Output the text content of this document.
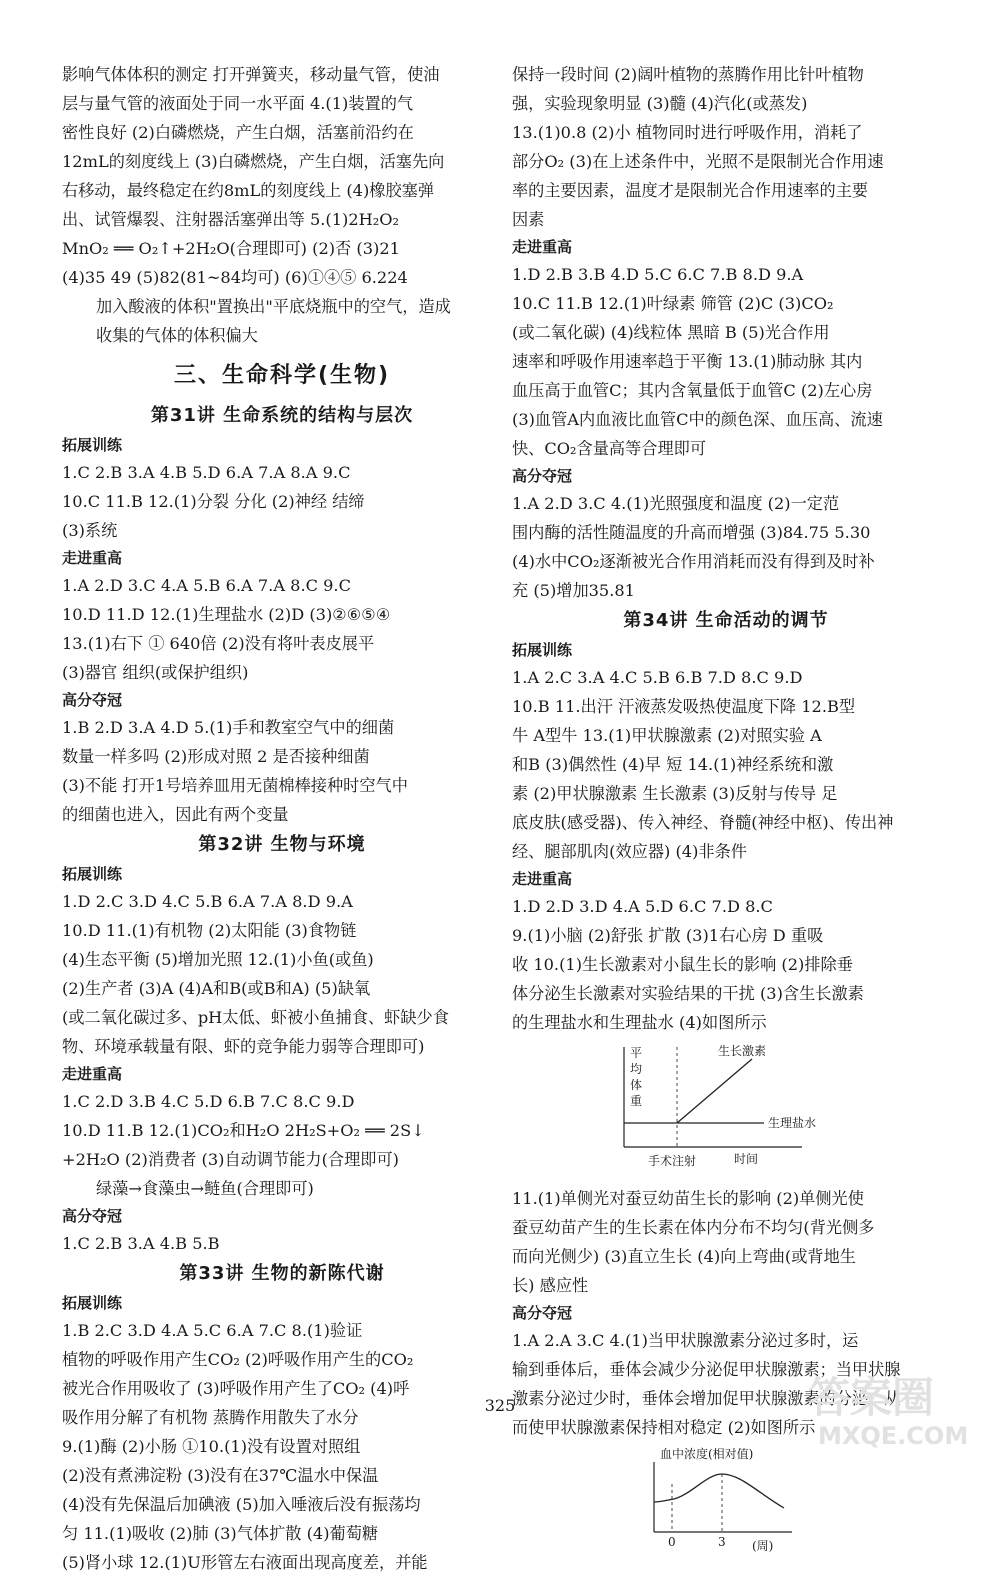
影响气体体积的测定 打开弹簧夹，移动量气管，使油
层与量气管的液面处于同一水平面 4.(1)装置的气
密性良好 (2)白磷燃烧，产生白烟，活塞前沿约在
12mL的刻度线上 (3)白磷燃烧，产生白烟，活塞先向
右移动，最终稳定在约8mL的刻度线上 (4)橡胶塞弹
出、试管爆裂、注射器活塞弹出等 5.(1)2H₂O₂
MnO₂ ══ O₂↑+2H₂O(合理即可) (2)否 (3)21
(4)35 49 (5)82(81~84均可) (6)①④⑤ 6.224
加入酸液的体积"置换出"平底烧瓶中的空气，造成
收集的气体的体积偏大
三、生命科学(生物)
第31讲 生命系统的结构与层次
拓展训练
1.C 2.B 3.A 4.B 5.D 6.A 7.A 8.A 9.C
10.C 11.B 12.(1)分裂 分化 (2)神经 结缔
(3)系统
走进重高
1.A 2.D 3.C 4.A 5.B 6.A 7.A 8.C 9.C
10.D 11.D 12.(1)生理盐水 (2)D (3)②⑥⑤④
13.(1)右下 ① 640倍 (2)没有将叶表皮展平
(3)器官 组织(或保护组织)
高分夺冠
1.B 2.D 3.A 4.D 5.(1)手和教室空气中的细菌
数量一样多吗 (2)形成对照 2 是否接种细菌
(3)不能 打开1号培养皿用无菌棉棒接种时空气中
的细菌也进入，因此有两个变量
第32讲 生物与环境
拓展训练
1.D 2.C 3.D 4.C 5.B 6.A 7.A 8.D 9.A
10.D 11.(1)有机物 (2)太阳能 (3)食物链
(4)生态平衡 (5)增加光照 12.(1)小鱼(或鱼)
(2)生产者 (3)A (4)A和B(或B和A) (5)缺氧
(或二氧化碳过多、pH太低、虾被小鱼捕食、虾缺少食
物、环境承载量有限、虾的竞争能力弱等合理即可)
走进重高
1.C 2.D 3.B 4.C 5.D 6.B 7.C 8.C 9.D
10.D 11.B 12.(1)CO₂和H₂O 2H₂S+O₂ ══ 2S↓
+2H₂O (2)消费者 (3)自动调节能力(合理即可)
绿藻→食藻虫→鲢鱼(合理即可)
高分夺冠
1.C 2.B 3.A 4.B 5.B
第33讲 生物的新陈代谢
拓展训练
1.B 2.C 3.D 4.A 5.C 6.A 7.C 8.(1)验证
植物的呼吸作用产生CO₂ (2)呼吸作用产生的CO₂
被光合作用吸收了 (3)呼吸作用产生了CO₂ (4)呼
吸作用分解了有机物 蒸腾作用散失了水分
9.(1)酶 (2)小肠 ①10.(1)没有设置对照组
(2)没有煮沸淀粉 (3)没有在37℃温水中保温
(4)没有先保温后加碘液 (5)加入唾液后没有振荡均
匀 11.(1)吸收 (2)肺 (3)气体扩散 (4)葡萄糖
(5)肾小球 12.(1)U形管左右液面出现高度差，并能
保持一段时间 (2)阔叶植物的蒸腾作用比针叶植物
强，实验现象明显 (3)髓 (4)汽化(或蒸发)
13.(1)0.8 (2)小 植物同时进行呼吸作用，消耗了
部分O₂ (3)在上述条件中，光照不是限制光合作用速
率的主要因素，温度才是限制光合作用速率的主要
因素
走进重高
1.D 2.B 3.B 4.D 5.C 6.C 7.B 8.D 9.A
10.C 11.B 12.(1)叶绿素 筛管 (2)C (3)CO₂
(或二氧化碳) (4)线粒体 黑暗 B (5)光合作用
速率和呼吸作用速率趋于平衡 13.(1)肺动脉 其内
血压高于血管C；其内含氧量低于血管C (2)左心房
(3)血管A内血液比血管C中的颜色深、血压高、流速
快、CO₂含量高等合理即可
高分夺冠
1.A 2.D 3.C 4.(1)光照强度和温度 (2)一定范
围内酶的活性随温度的升高而增强 (3)84.75 5.30
(4)水中CO₂逐渐被光合作用消耗而没有得到及时补
充 (5)增加35.81
第34讲 生命活动的调节
拓展训练
1.A 2.C 3.A 4.C 5.B 6.B 7.D 8.C 9.D
10.B 11.出汗 汗液蒸发吸热使温度下降 12.B型
牛 A型牛 13.(1)甲状腺激素 (2)对照实验 A
和B (3)偶然性 (4)早 短 14.(1)神经系统和激
素 (2)甲状腺激素 生长激素 (3)反射与传导 足
底皮肤(感受器)、传入神经、脊髓(神经中枢)、传出神
经、腿部肌肉(效应器) (4)非条件
走进重高
1.D 2.D 3.D 4.A 5.D 6.C 7.D 8.C
9.(1)小脑 (2)舒张 扩散 (3)1右心房 D 重吸
收 10.(1)生长激素对小鼠生长的影响 (2)排除垂
体分泌生长激素对实验结果的干扰 (3)含生长激素
的生理盐水和生理盐水 (4)如图所示
平
均
体
重
生长激素
生理盐水
手术注射	时间
11.(1)单侧光对蚕豆幼苗生长的影响 (2)单侧光使
蚕豆幼苗产生的生长素在体内分布不均匀(背光侧多
而向光侧少) (3)直立生长 (4)向上弯曲(或背地生
长) 感应性
高分夺冠
1.A 2.A 3.C 4.(1)当甲状腺激素分泌过多时，运
输到垂体后，垂体会减少分泌促甲状腺激素；当甲状腺
激素分泌过少时，垂体会增加促甲状腺激素的分泌，从
而使甲状腺激素保持相对稳定 (2)如图所示
血中浓度(相对值)
0	3 (周)
325	答案圈
MXQE.COM
